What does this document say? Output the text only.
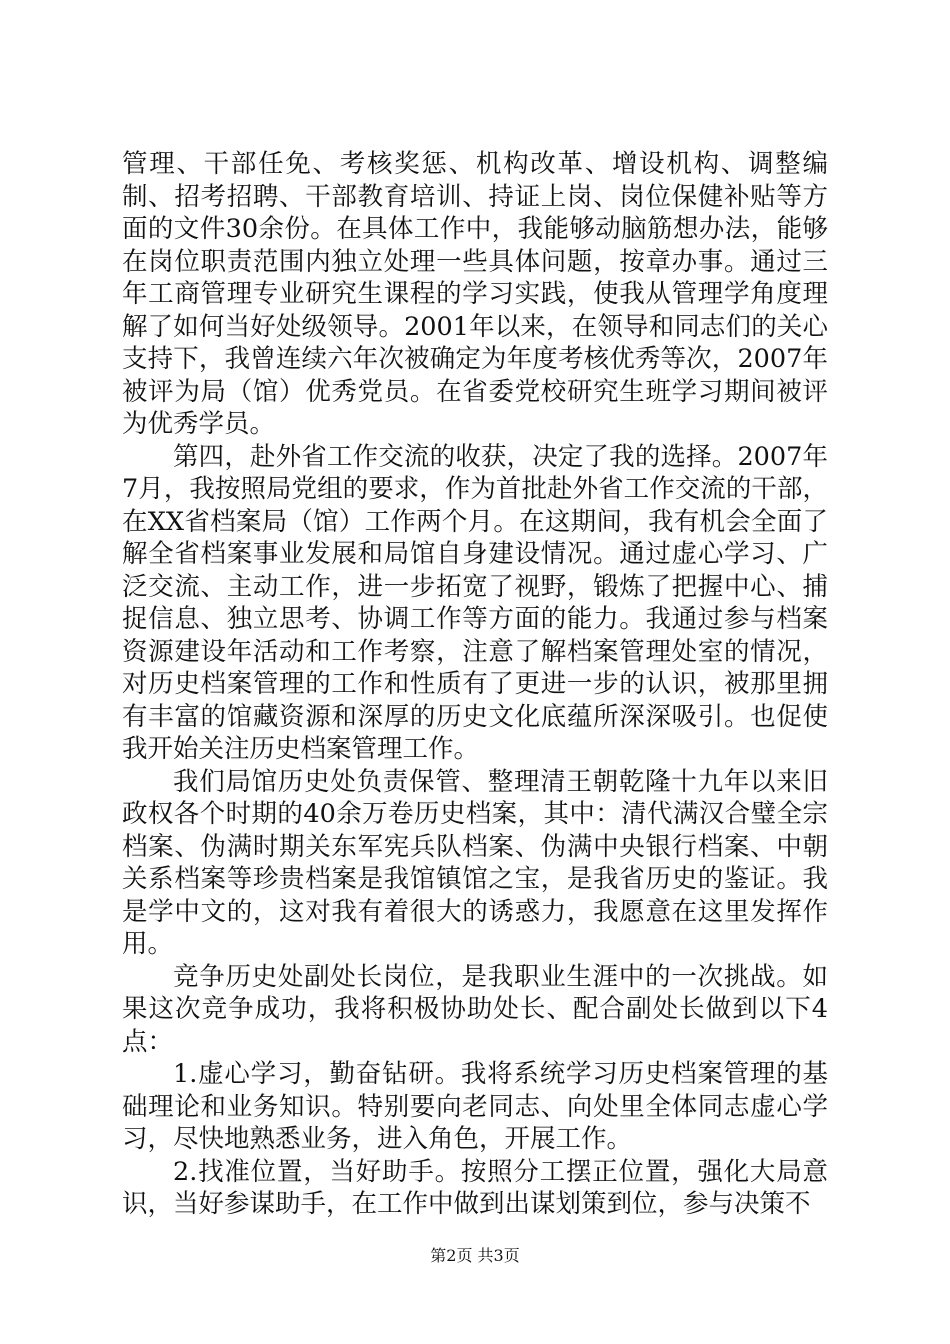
管理、干部任免、考核奖惩、机构改革、增设机构、调整编制、招考招聘、干部教育培训、持证上岗、岗位保健补贴等方面的文件30余份。在具体工作中，我能够动脑筋想办法，能够在岗位职责范围内独立处理一些具体问题，按章办事。通过三年工商管理专业研究生课程的学习实践，使我从管理学角度理解了如何当好处级领导。2001年以来，在领导和同志们的关心支持下，我曾连续六年次被确定为年度考核优秀等次，2007年被评为局（馆）优秀党员。在省委党校研究生班学习期间被评为优秀学员。

第四，赴外省工作交流的收获，决定了我的选择。2007年7月，我按照局党组的要求，作为首批赴外省工作交流的干部，在XX省档案局（馆）工作两个月。在这期间，我有机会全面了解全省档案事业发展和局馆自身建设情况。通过虚心学习、广泛交流、主动工作，进一步拓宽了视野，锻炼了把握中心、捕捉信息、独立思考、协调工作等方面的能力。我通过参与档案资源建设年活动和工作考察，注意了解档案管理处室的情况，对历史档案管理的工作和性质有了更进一步的认识，被那里拥有丰富的馆藏资源和深厚的历史文化底蕴所深深吸引。也促使我开始关注历史档案管理工作。

我们局馆历史处负责保管、整理清王朝乾隆十九年以来旧政权各个时期的40余万卷历史档案，其中：清代满汉合璧全宗档案、伪满时期关东军宪兵队档案、伪满中央银行档案、中朝关系档案等珍贵档案是我馆镇馆之宝，是我省历史的鉴证。我是学中文的，这对我有着很大的诱惑力，我愿意在这里发挥作用。

竞争历史处副处长岗位，是我职业生涯中的一次挑战。如果这次竞争成功，我将积极协助处长、配合副处长做到以下4点：

1.虚心学习，勤奋钻研。我将系统学习历史档案管理的基础理论和业务知识。特别要向老同志、向处里全体同志虚心学习，尽快地熟悉业务，进入角色，开展工作。

2.找准位置，当好助手。按照分工摆正位置，强化大局意识，当好参谋助手，在工作中做到出谋划策到位，参与决策不

第2页 共3页
